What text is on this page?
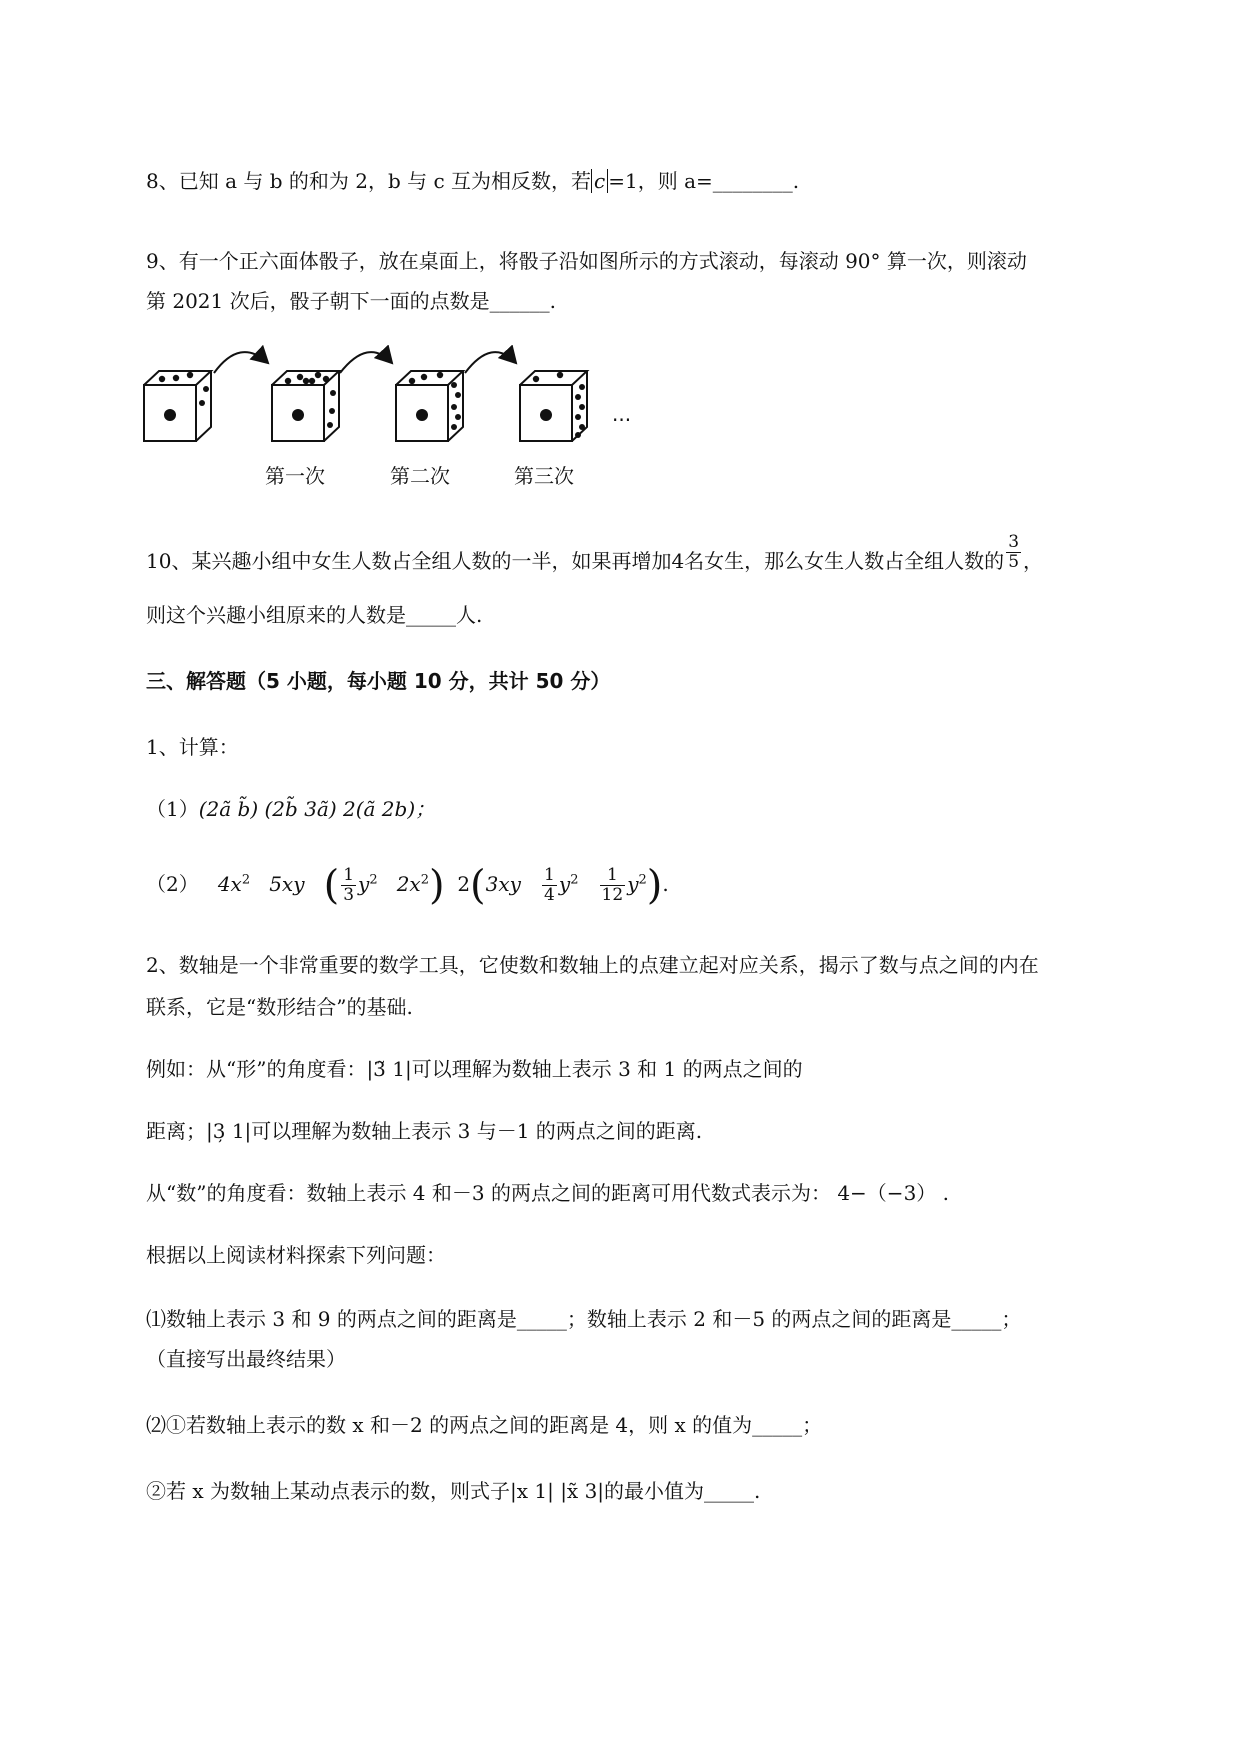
8、已知 a 与 b 的和为 2，b 与 c 互为相反数，若 c =1，则 a=________.
9、有一个正六面体骰子，放在桌面上，将骰子沿如图所示的方式滚动，每滚动 90° 算一次，则滚动
第 2021 次后，骰子朝下一面的点数是______.
···
第一次	第二次	第三次
10、某兴趣小组中女生人数占全组人数的一半，如果再增加4名女生，那么女生人数占全组人数的 $\frac{3}{5}$ ，
则这个兴趣小组原来的人数是_____人.
三、解答题（5 小题，每小题 10 分，共计 50 分）
1、计算：
（1）(2ã b̃) (2b̃ 3ã) 2(ã 2b)；
（2） $4x^2$ 5xy ( $\frac{1}{3} y^2$ $2x^2$) $2(3xy \frac{1}{4} y^2 \frac{1}{12} y^2)$.
2、数轴是一个非常重要的数学工具，它使数和数轴上的点建立起对应关系，揭示了数与点之间的内在
联系，它是“数形结合”的基础.
例如：从“形”的角度看：|3̃ 1|可以理解为数轴上表示 3 和 1 的两点之间的
距离；|3̦ 1|可以理解为数轴上表示 3 与－1 的两点之间的距离.
从“数”的角度看：数轴上表示 4 和－3 的两点之间的距离可用代数式表示为： 4−（−3） .
根据以上阅读材料探索下列问题：
⑴数轴上表示 3 和 9 的两点之间的距离是_____；数轴上表示 2 和－5 的两点之间的距离是_____；
（直接写出最终结果）
⑵①若数轴上表示的数 x 和－2 的两点之间的距离是 4，则 x 的值为_____；
②若 x 为数轴上某动点表示的数，则式子|x 1| |x̃ 3|的最小值为_____.
